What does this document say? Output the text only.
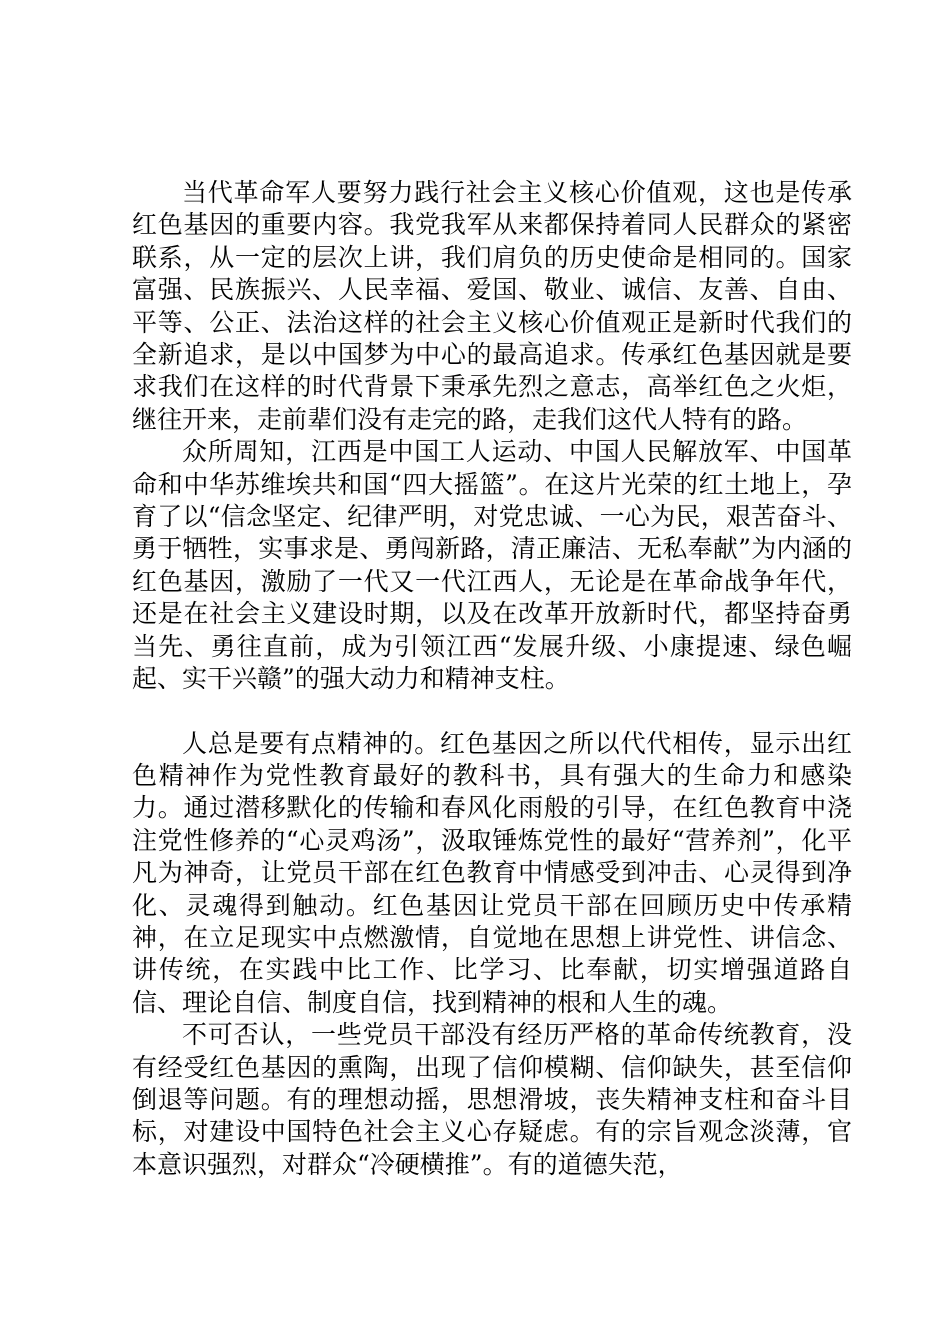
当代革命军人要努力践行社会主义核心价值观，这也是传承红色基因的重要内容。我党我军从来都保持着同人民群众的紧密联系，从一定的层次上讲，我们肩负的历史使命是相同的。国家富强、民族振兴、人民幸福、爱国、敬业、诚信、友善、自由、平等、公正、法治这样的社会主义核心价值观正是新时代我们的全新追求，是以中国梦为中心的最高追求。传承红色基因就是要求我们在这样的时代背景下秉承先烈之意志，高举红色之火炬，继往开来，走前辈们没有走完的路，走我们这代人特有的路。

众所周知，江西是中国工人运动、中国人民解放军、中国革命和中华苏维埃共和国“四大摇篮”。在这片光荣的红土地上，孕育了以“信念坚定、纪律严明，对党忠诚、一心为民，艰苦奋斗、勇于牺牲，实事求是、勇闯新路，清正廉洁、无私奉献”为内涵的红色基因，激励了一代又一代江西人，无论是在革命战争年代，还是在社会主义建设时期，以及在改革开放新时代，都坚持奋勇当先、勇往直前，成为引领江西“发展升级、小康提速、绿色崛起、实干兴赣”的强大动力和精神支柱。

人总是要有点精神的。红色基因之所以代代相传，显示出红色精神作为党性教育最好的教科书，具有强大的生命力和感染力。通过潜移默化的传输和春风化雨般的引导，在红色教育中浇注党性修养的“心灵鸡汤”，汲取锤炼党性的最好“营养剂”，化平凡为神奇，让党员干部在红色教育中情感受到冲击、心灵得到净化、灵魂得到触动。红色基因让党员干部在回顾历史中传承精神，在立足现实中点燃激情，自觉地在思想上讲党性、讲信念、讲传统，在实践中比工作、比学习、比奉献，切实增强道路自信、理论自信、制度自信，找到精神的根和人生的魂。

不可否认，一些党员干部没有经历严格的革命传统教育，没有经受红色基因的熏陶，出现了信仰模糊、信仰缺失，甚至信仰倒退等问题。有的理想动摇，思想滑坡，丧失精神支柱和奋斗目标，对建设中国特色社会主义心存疑虑。有的宗旨观念淡薄，官本意识强烈，对群众“冷硬横推”。有的道德失范，
